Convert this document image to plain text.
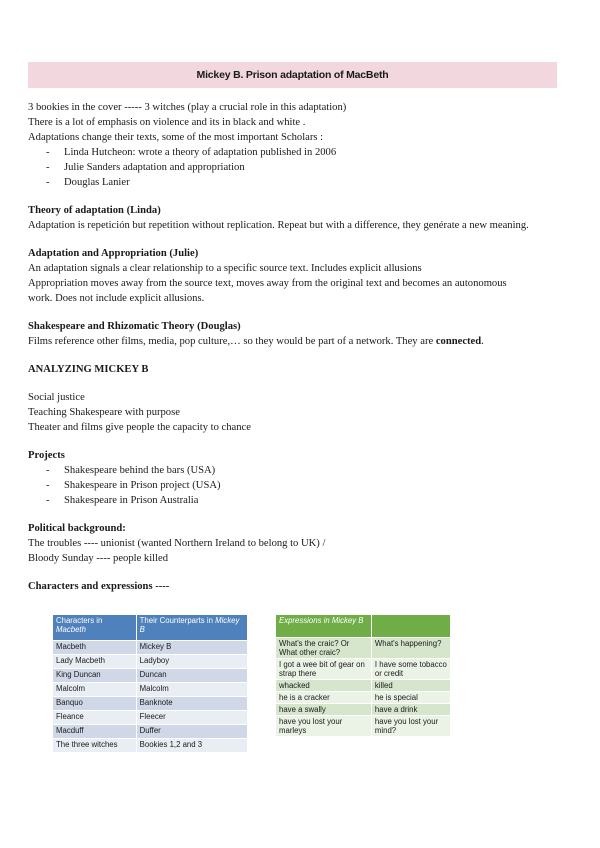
Mickey B. Prison adaptation of MacBeth

3 bookies in the cover ----- 3 witches (play a crucial role in this adaptation)

There is a lot of emphasis on violence and its in black and white .

Adaptations change their texts, some of the most important Scholars :

- Linda Hutcheon: wrote a theory of adaptation published in 2006
- Julie Sanders adaptation and appropriation
- Douglas Lanier

Theory of adaptation (Linda)

Adaptation is repetición but repetition without replication. Repeat but with a difference, they genérate a new meaning.

Adaptation and Appropriation (Julie)

An adaptation signals a clear relationship to a specific source text. Includes explicit allusions

Appropriation moves away from the source text, moves away from the original text and becomes an autonomous

work. Does not include explicit allusions.

Shakespeare and Rhizomatic Theory (Douglas)

Films reference other films, media, pop culture,… so they would be part of a network. They are connected.

ANALYZING MICKEY B

Social justice

Teaching Shakespeare with purpose

Theater and films give people the capacity to chance

Projects

- Shakespeare behind the bars (USA)
- Shakespeare in Prison project (USA)
- Shakespeare in Prison Australia

Political background:

The troubles ---- unionist (wanted Northern Ireland to belong to UK) /

Bloody Sunday ---- people killed

Characters and expressions ----

Characters in Macbeth	Their Counterparts in Mickey B
Macbeth	Mickey B
Lady Macbeth	Ladyboy
King Duncan	Duncan
Malcolm	Malcolm
Banquo	Banknote
Fleance	Fleecer
Macduff	Duffer
The three witches	Bookies 1,2 and 3
Expressions in Mickey B	
What's the craic? Or What other craic?	What's happening?
I got a wee bit of gear on strap there	I have some tobacco or credit
whacked	killed
he is a cracker	he is special
have a swally	have a drink
have you lost your marleys	have you lost your mind?
